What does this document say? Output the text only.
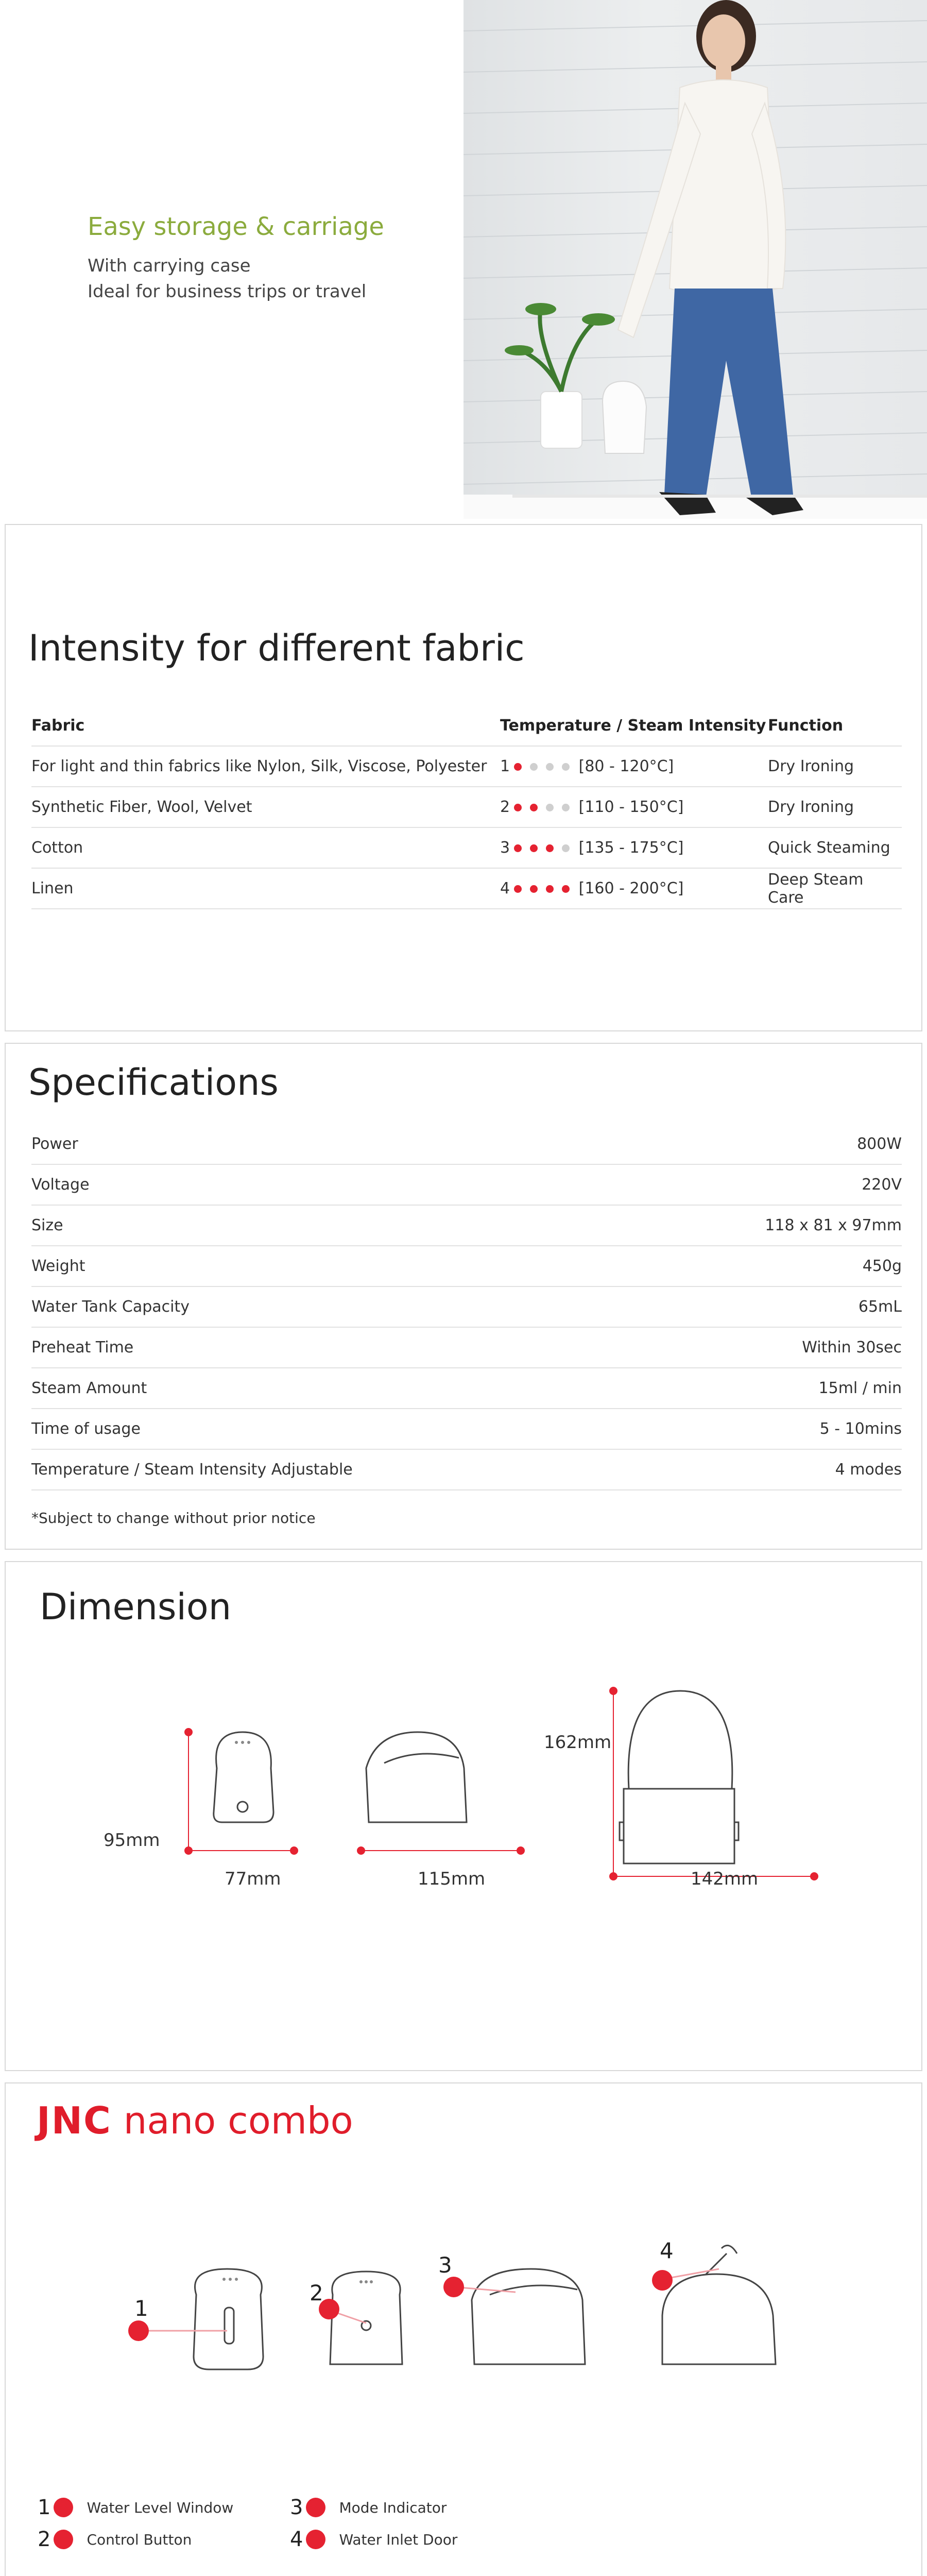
Easy storage & carriage
With carrying case
Ideal for business trips or travel
Intensity for different fabric
Fabric	Temperature / Steam Intensity	Function
For light and thin fabrics like Nylon, Silk, Viscose, Polyester	1 [80 - 120°C]	Dry Ironing
Synthetic Fiber, Wool, Velvet	2 [110 - 150°C]	Dry Ironing
Cotton	3 [135 - 175°C]	Quick Steaming
Linen	4 [160 - 200°C]	Deep Steam Care
Specifications
Power	800W
Voltage	220V
Size	118 x 81 x 97mm
Weight	450g
Water Tank Capacity	65mL
Preheat Time	Within 30sec
Steam Amount	15ml / min
Time of usage	5 - 10mins
Temperature / Steam Intensity Adjustable	4 modes
*Subject to change without prior notice
Dimension
95mm
77mm	115mm
162mm
142mm
JNC nano combo
1
2
3
4
1	Water Level Window
2	Control Button
3	Mode Indicator
4	Water Inlet Door
